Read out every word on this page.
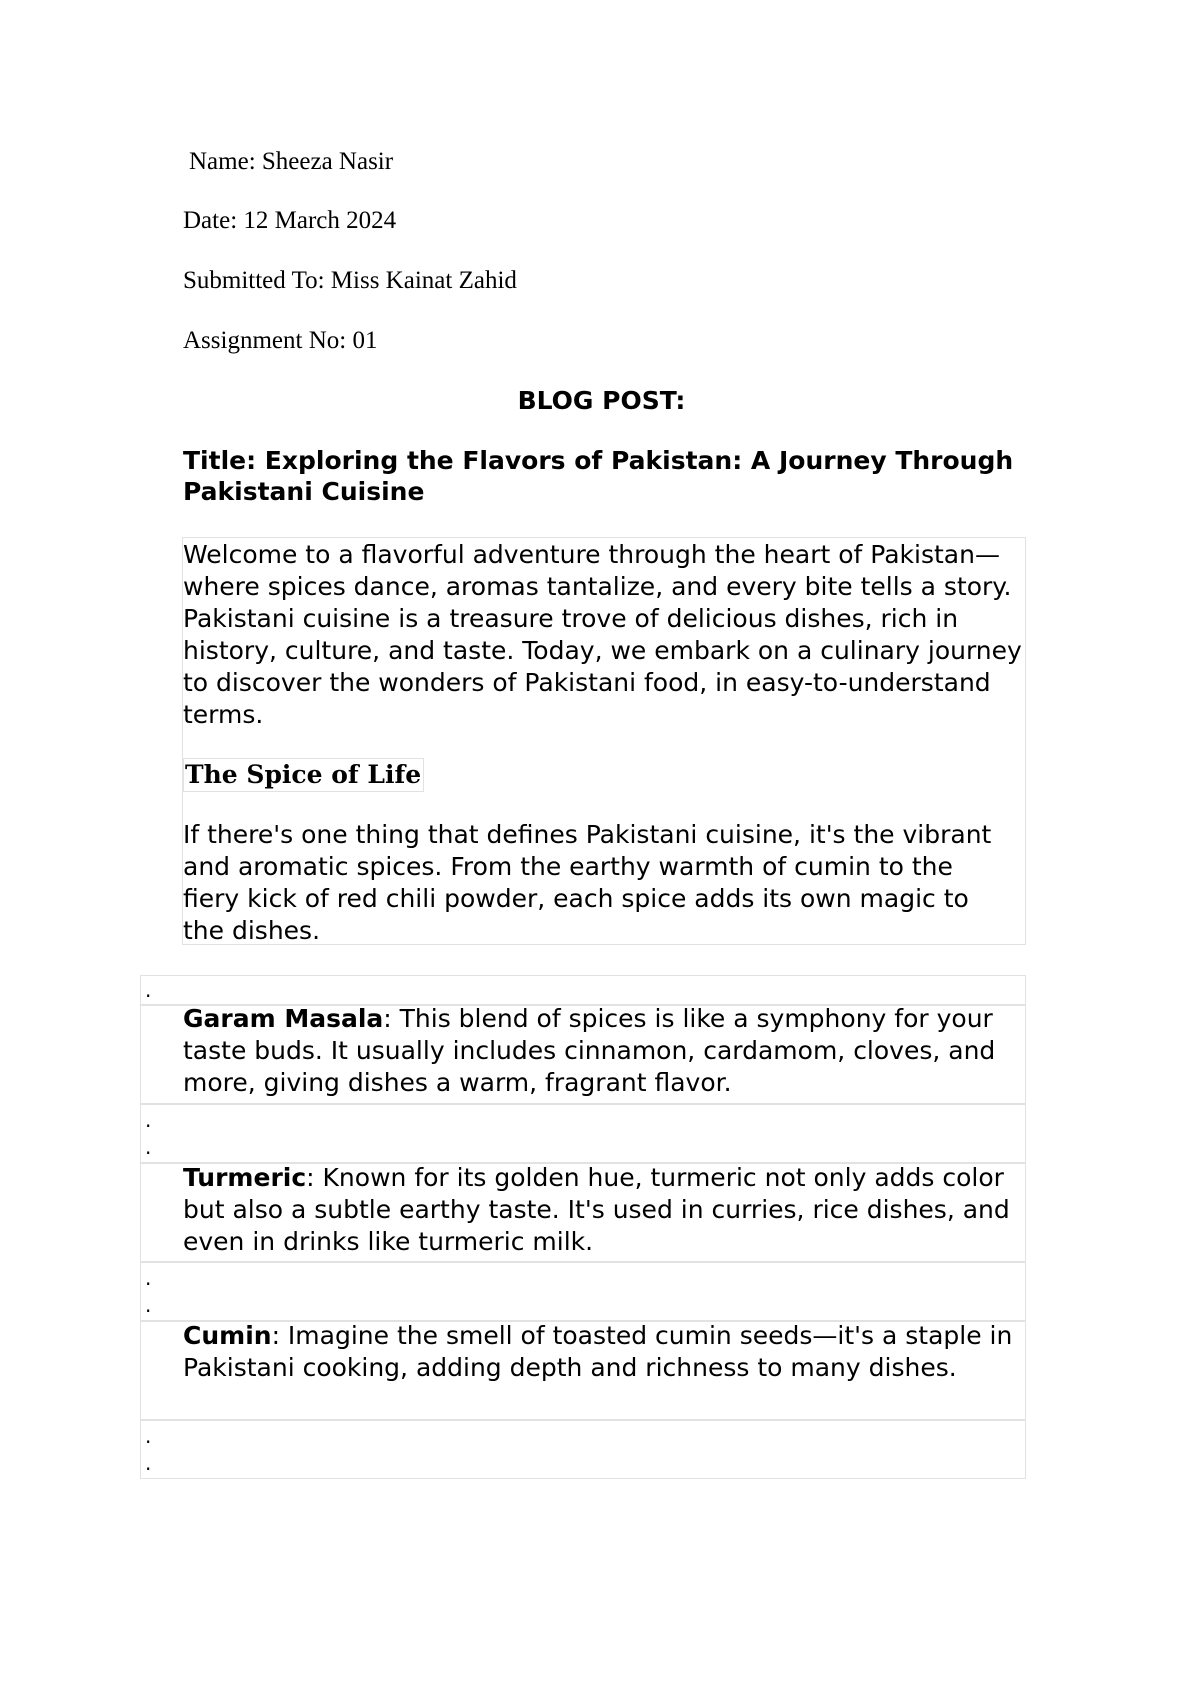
Name: Sheeza Nasir
Date: 12 March 2024
Submitted To: Miss Kainat Zahid
Assignment No: 01
BLOG POST:
Title: Exploring the Flavors of Pakistan: A Journey Through Pakistani Cuisine
Welcome to a flavorful adventure through the heart of Pakistan—where spices dance, aromas tantalize, and every bite tells a story. Pakistani cuisine is a treasure trove of delicious dishes, rich in history, culture, and taste. Today, we embark on a culinary journey to discover the wonders of Pakistani food, in easy-to-understand terms.
The Spice of Life
If there's one thing that defines Pakistani cuisine, it's the vibrant and aromatic spices. From the earthy warmth of cumin to the fiery kick of red chili powder, each spice adds its own magic to the dishes.
.
.
.
.
.
.
.
Garam Masala: This blend of spices is like a symphony for your taste buds. It usually includes cinnamon, cardamom, cloves, and more, giving dishes a warm, fragrant flavor.
Turmeric: Known for its golden hue, turmeric not only adds color but also a subtle earthy taste. It's used in curries, rice dishes, and even in drinks like turmeric milk.
Cumin: Imagine the smell of toasted cumin seeds—it's a staple in Pakistani cooking, adding depth and richness to many dishes.
